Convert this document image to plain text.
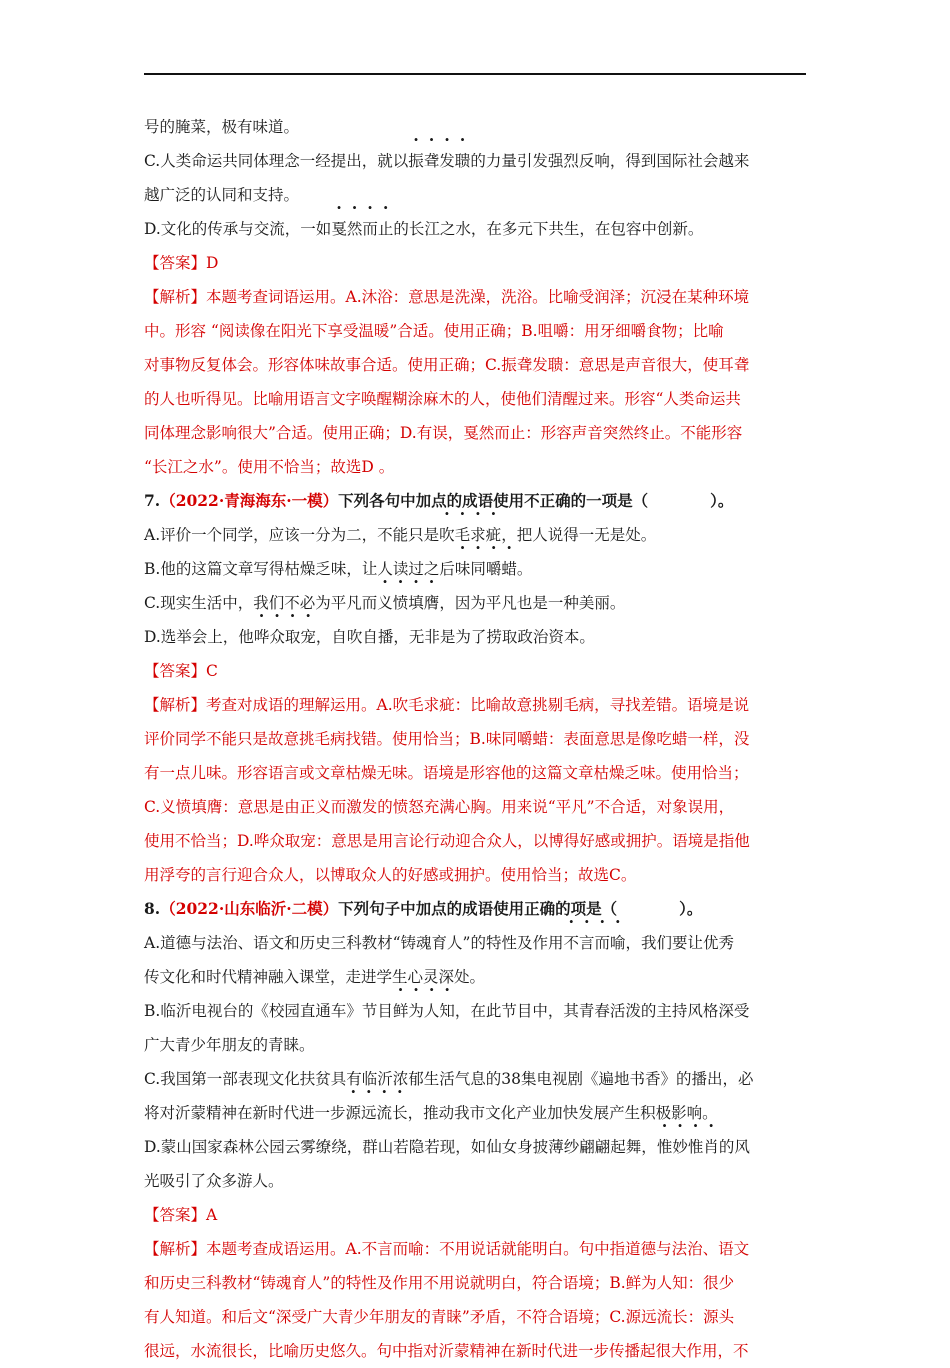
号的腌菜，极有味道。
C.人类命运共同体理念一经提出，就以振聋发聩的力量引发强烈反响，得到国际社会越来
越广泛的认同和支持。
D.文化的传承与交流，一如戛然而止的长江之水，在多元下共生，在包容中创新。
【答案】D
【解析】本题考查词语运用。A.沐浴：意思是洗澡，洗浴。比喻受润泽；沉浸在某种环境
中。形容 “阅读像在阳光下享受温暖”合适。使用正确；B.咀嚼：用牙细嚼食物；比喻
对事物反复体会。形容体味故事合适。使用正确；C.振聋发聩：意思是声音很大，使耳聋
的人也听得见。比喻用语言文字唤醒糊涂麻木的人，使他们清醒过来。形容“人类命运共
同体理念影响很大”合适。使用正确；D.有误，戛然而止：形容声音突然终止。不能形容
“长江之水”。使用不恰当；故选D 。
7.（2022·青海海东·一模）下列各句中加点的成语使用不正确的一项是（　　　　）。
A.评价一个同学，应该一分为二，不能只是吹毛求疵，把人说得一无是处。
B.他的这篇文章写得枯燥乏味，让人读过之后味同嚼蜡。
C.现实生活中，我们不必为平凡而义愤填膺，因为平凡也是一种美丽。
D.选举会上，他哗众取宠，自吹自播，无非是为了捞取政治资本。
【答案】C
【解析】考查对成语的理解运用。A.吹毛求疵：比喻故意挑剔毛病，寻找差错。语境是说
评价同学不能只是故意挑毛病找错。使用恰当；B.味同嚼蜡：表面意思是像吃蜡一样，没
有一点儿味。形容语言或文章枯燥无味。语境是形容他的这篇文章枯燥乏味。使用恰当；
C.义愤填膺：意思是由正义而激发的愤怒充满心胸。用来说“平凡”不合适，对象误用，
使用不恰当；D.哗众取宠：意思是用言论行动迎合众人，以博得好感或拥护。语境是指他
用浮夸的言行迎合众人，以博取众人的好感或拥护。使用恰当；故选C。
8.（2022·山东临沂·二模）下列句子中加点的成语使用正确的项是（　　　　）。
A.道德与法治、语文和历史三科教材“铸魂育人”的特性及作用不言而喻，我们要让优秀
传文化和时代精神融入课堂，走进学生心灵深处。
B.临沂电视台的《校园直通车》节目鲜为人知，在此节目中，其青春活泼的主持风格深受
广大青少年朋友的青睐。
C.我国第一部表现文化扶贫具有临沂浓郁生活气息的38集电视剧《遍地书香》的播出，必
将对沂蒙精神在新时代进一步源远流长，推动我市文化产业加快发展产生积极影响。
D.蒙山国家森林公园云雾缭绕，群山若隐若现，如仙女身披薄纱翩翩起舞，惟妙惟肖的风
光吸引了众多游人。
【答案】A
【解析】本题考查成语运用。A.不言而喻：不用说话就能明白。句中指道德与法治、语文
和历史三科教材“铸魂育人”的特性及作用不用说就明白，符合语境；B.鲜为人知：很少
有人知道。和后文“深受广大青少年朋友的青睐”矛盾，不符合语境；C.源远流长：源头
很远，水流很长，比喻历史悠久。句中指对沂蒙精神在新时代进一步传播起很大作用，不
